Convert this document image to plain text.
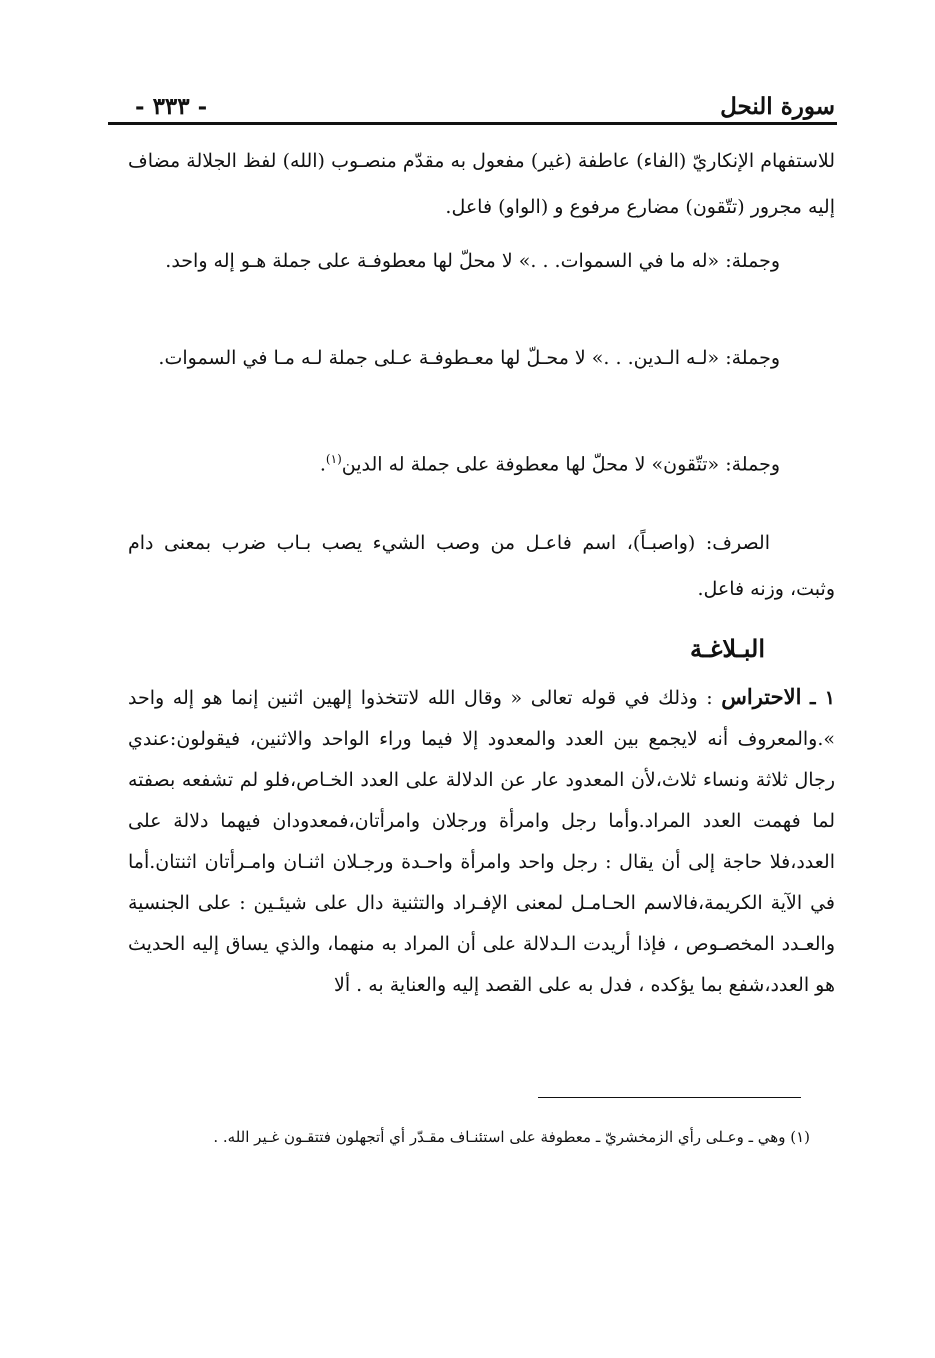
سورة النحل
- ٣٣٣ -

للاستفهام الإنكاريّ (الفاء) عاطفة (غير) مفعول به مقدّم منصـوب (الله) لفظ الجلالة مضاف إليه مجرور (تتّقون) مضارع مرفوع و (الواو) فاعل.

وجملة: «له ما في السموات. . .» لا محلّ لها معطوفـة على جملة هـو إله واحد.

وجملة: «لـه الـدين. . .» لا محـلّ لها معـطوفـة عـلى جملة لـه مـا في السموات.

وجملة: «تتّقون» لا محلّ لها معطوفة على جملة له الدين$^{(١)}$.

الصرف: (واصبـاً)، اسم فاعـل من وصب الشيء يصب بـاب ضرب بمعنى دام وثبت، وزنه فاعل.

البـلاغـة

١ ـ الاحتراس : وذلك في قوله تعالى « وقال الله لاتتخذوا إلهين اثنين إنما هو إله واحد ».والمعروف أنه لايجمع بين العدد والمعدود إلا فيما وراء الواحد والاثنين، فيقولون:عندي رجال ثلاثة ونساء ثلاث،لأن المعدود عار عن الدلالة على العدد الخـاص،فلو لم تشفعه بصفته لما فهمت العدد المراد.وأما رجل وامرأة ورجلان وامرأتان،فمعدودان فيهما دلالة على العدد،فلا حاجة إلى أن يقال : رجل واحد وامرأة واحـدة ورجـلان اثنـان وامـرأتان اثنتان.أما في الآية الكريمة،فالاسم الحـامـل لمعنى الإفـراد والتثنية دال على شيئـين : على الجنسية والعـدد المخصـوص ، فإذا أريدت الـدلالة على أن المراد به منهما، والذي يساق إليه الحديث هو العدد،شفع بما يؤكده ، فدل به على القصد إليه والعناية به . ألا

(١) وهي ـ وعـلى رأي الزمخشريّ ـ معطوفة على استئنـاف مقـدّر أي أتجهلون فتتقـون غـير الله. .
